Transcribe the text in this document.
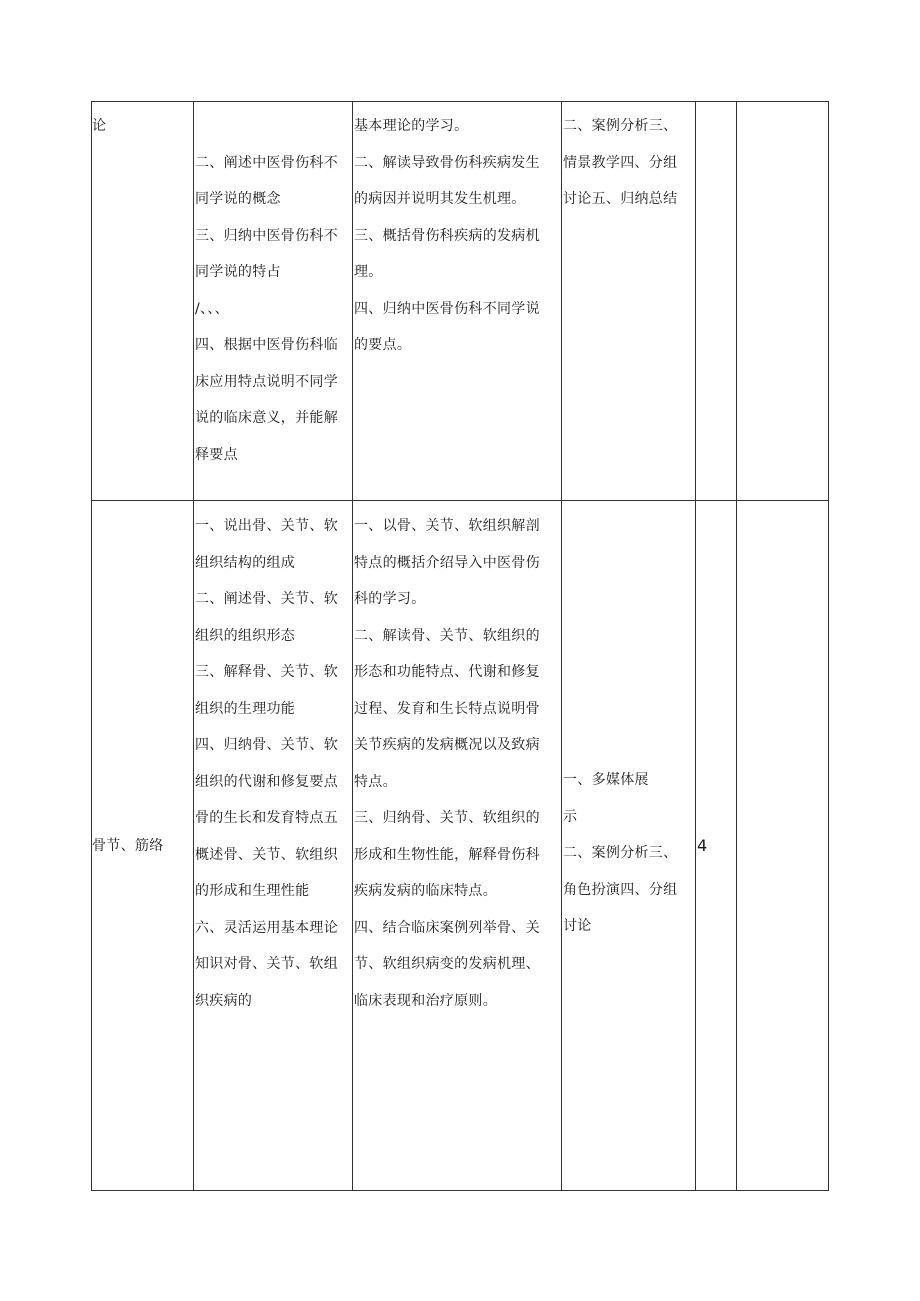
论

二、阐述中医骨伤科不
同学说的概念
三、归纳中医骨伤科不
同学说的特占
/、、、
四、根据中医骨伤科临
床应用特点说明不同学
说的临床意义，并能解
释要点
基本理论的学习。
二、解读导致骨伤科疾病发生
的病因并说明其发生机理。
三、概括骨伤科疾病的发病机
理。
四、归纳中医骨伤科不同学说
的要点。
二、案例分析三、
情景教学四、分组
讨论五、归纳总结
骨节、筋络
一、说出骨、关节、软
组织结构的组成
二、阐述骨、关节、软
组织的组织形态
三、解释骨、关节、软
组织的生理功能
四、归纳骨、关节、软
组织的代谢和修复要点
骨的生长和发育特点五
概述骨、关节、软组织
的形成和生理性能
六、灵活运用基本理论
知识对骨、关节、软组
织疾病的
一、以骨、关节、软组织解剖
特点的概括介绍导入中医骨伤
科的学习。
二、解读骨、关节、软组织的
形态和功能特点、代谢和修复
过程、发育和生长特点说明骨
关节疾病的发病概况以及致病
特点。
三、归纳骨、关节、软组织的
形成和生物性能，解释骨伤科
疾病发病的临床特点。
四、结合临床案例列举骨、关
节、软组织病变的发病机理、
临床表现和治疗原则。
一、多媒体展
示
二、案例分析三、
角色扮演四、分组
讨论
4
